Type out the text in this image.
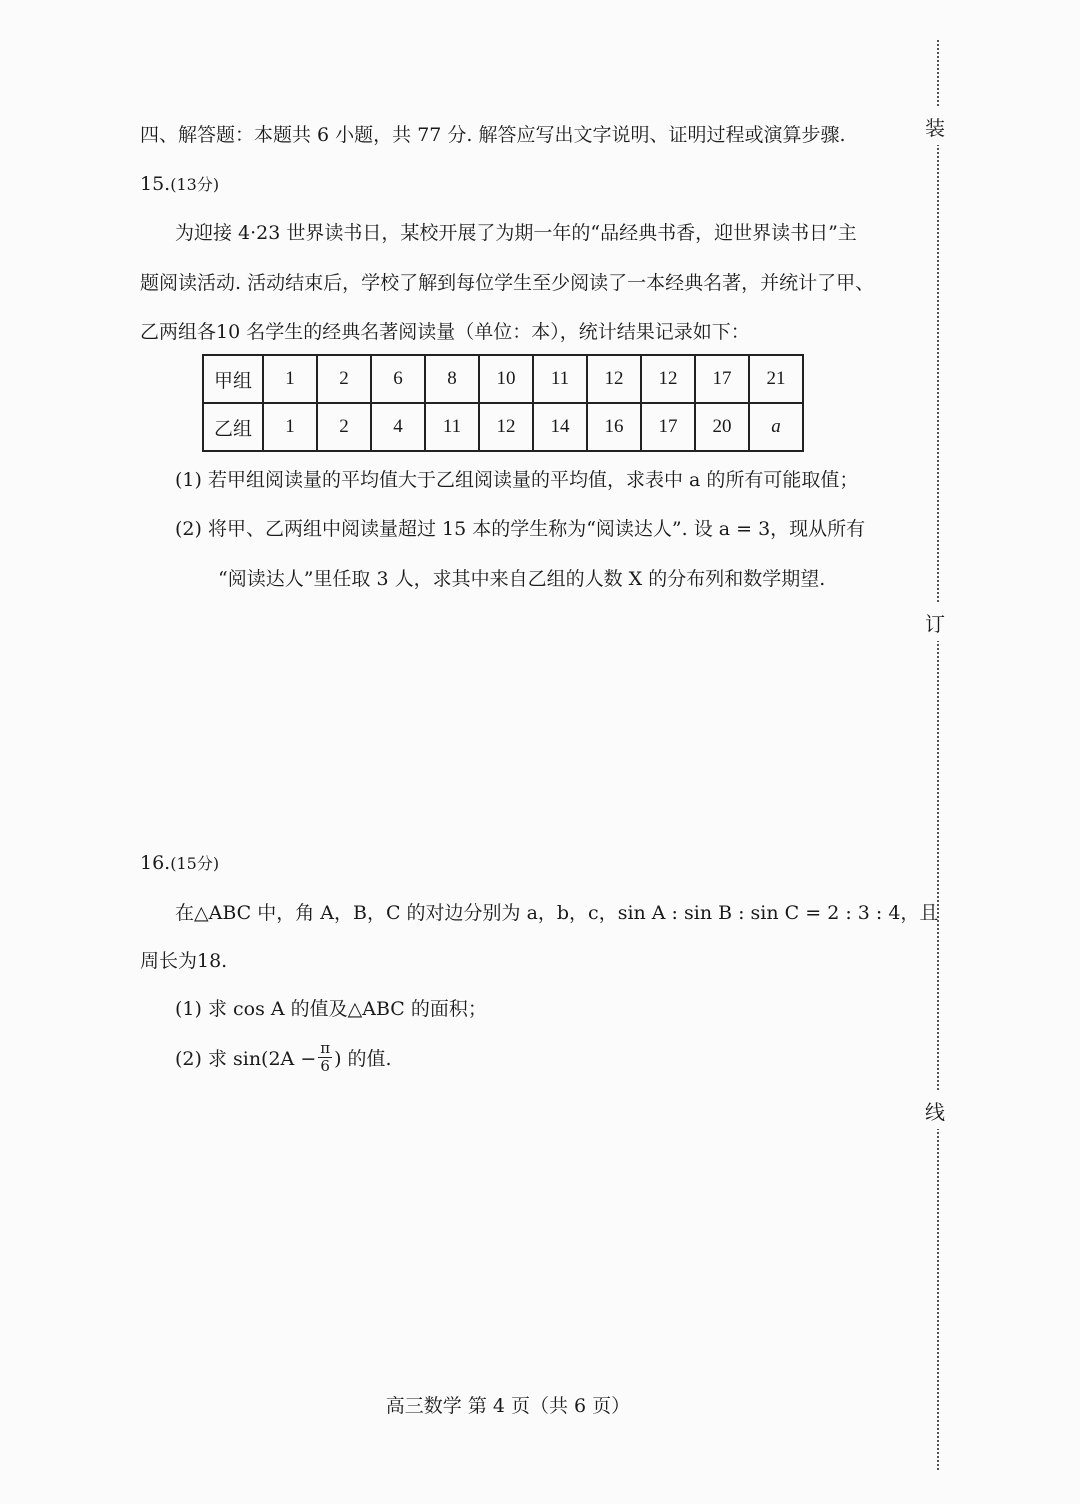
装
订
线
四、解答题：本题共 6 小题，共 77 分. 解答应写出文字说明、证明过程或演算步骤.
15.(13分)
为迎接 4·23 世界读书日，某校开展了为期一年的“品经典书香，迎世界读书日”主
题阅读活动. 活动结束后，学校了解到每位学生至少阅读了一本经典名著，并统计了甲、
乙两组各10 名学生的经典名著阅读量（单位：本），统计结果记录如下：
甲组	1	2	6	8	10	11	12	12	17	21
乙组	1	2	4	11	12	14	16	17	20	a
(1) 若甲组阅读量的平均值大于乙组阅读量的平均值，求表中 a 的所有可能取值；
(2) 将甲、乙两组中阅读量超过 15 本的学生称为“阅读达人”. 设 a = 3，现从所有
“阅读达人”里任取 3 人，求其中来自乙组的人数 X 的分布列和数学期望.
16.(15分)
在△ABC 中，角 A，B，C 的对边分别为 a，b，c，sin A : sin B : sin C = 2 : 3 : 4，且
周长为18.
(1) 求 cos A 的值及△ABC 的面积；
(2) 求 $\sin(2A - \frac{\pi}{6}$ ) 的值.
高三数学 第 4 页（共 6 页）
